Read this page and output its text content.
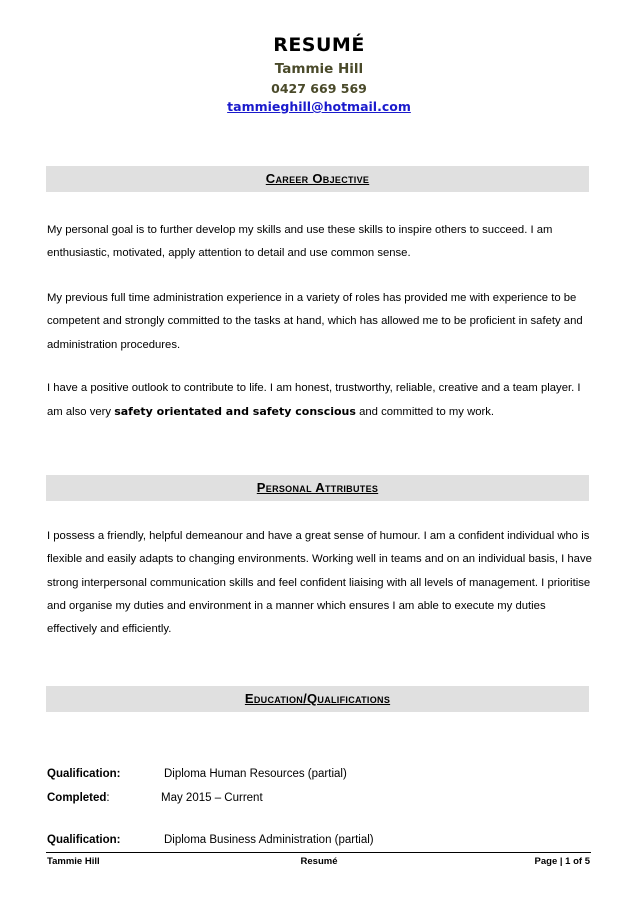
RESUMÉ
Tammie Hill
0427 669 569
tammieghill@hotmail.com
Career Objective

My personal goal is to further develop my skills and use these skills to inspire others to succeed. I am enthusiastic, motivated, apply attention to detail and use common sense.

My previous full time administration experience in a variety of roles has provided me with experience to be competent and strongly committed to the tasks at hand, which has allowed me to be proficient in safety and administration procedures.

I have a positive outlook to contribute to life. I am honest, trustworthy, reliable, creative and a team player. I am also very safety orientated and safety conscious and committed to my work.

Personal Attributes

I possess a friendly, helpful demeanour and have a great sense of humour. I am a confident individual who is flexible and easily adapts to changing environments. Working well in teams and on an individual basis, I have strong interpersonal communication skills and feel confident liaising with all levels of management. I prioritise and organise my duties and environment in a manner which ensures I am able to execute my duties effectively and efficiently.

Education/Qualifications
Qualification:	Diploma Human Resources (partial)
Completed:	May 2015 – Current
Qualification:	Diploma Business Administration (partial)
Resumé
Tammie Hill	Page | 1 of 5
